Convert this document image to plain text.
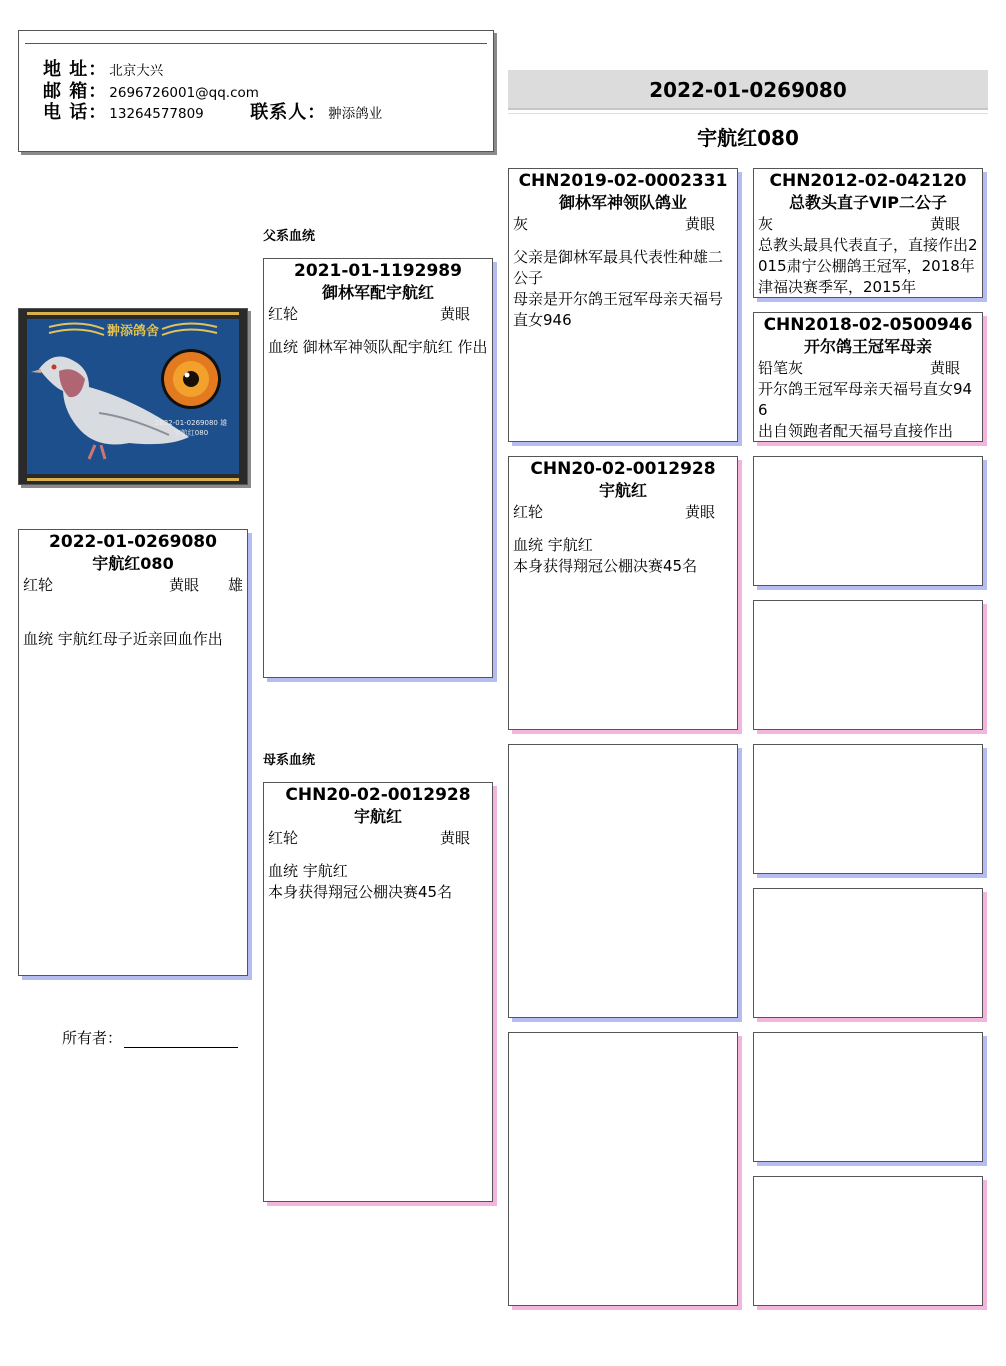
地 址： 北京大兴
邮 箱： 2696726001@qq.com
电 话： 13264577809	联系人： 翀添鸽业
2022-01-0269080
宇航红080
父系血统
母系血统
翀添鸽舍
2022-01-0269080 雄
宇航红080
2022-01-0269080
宇航红080
红轮	黄眼 雄
血统 宇航红母子近亲回血作出
所有者：
2021-01-1192989
御林军配宇航红
红轮	黄眼
血统 御林军神领队配宇航红 作出
CHN20-02-0012928
宇航红
红轮	黄眼
血统 宇航红
本身获得翔冠公棚决赛45名
CHN2019-02-0002331
御林军神领队鸽业
灰	黄眼
父亲是御林军最具代表性种雄二公子
母亲是开尔鸽王冠军母亲天福号直女946
CHN20-02-0012928
宇航红
红轮	黄眼
血统 宇航红
本身获得翔冠公棚决赛45名
CHN2012-02-042120
总教头直子VIP二公子
灰	黄眼
总教头最具代表直子，直接作出2015肃宁公棚鸽王冠军，2018年津福决赛季军，2015年
CHN2018-02-0500946
开尔鸽王冠军母亲
铅笔灰	黄眼
开尔鸽王冠军母亲天福号直女946
出自领跑者配天福号直接作出
